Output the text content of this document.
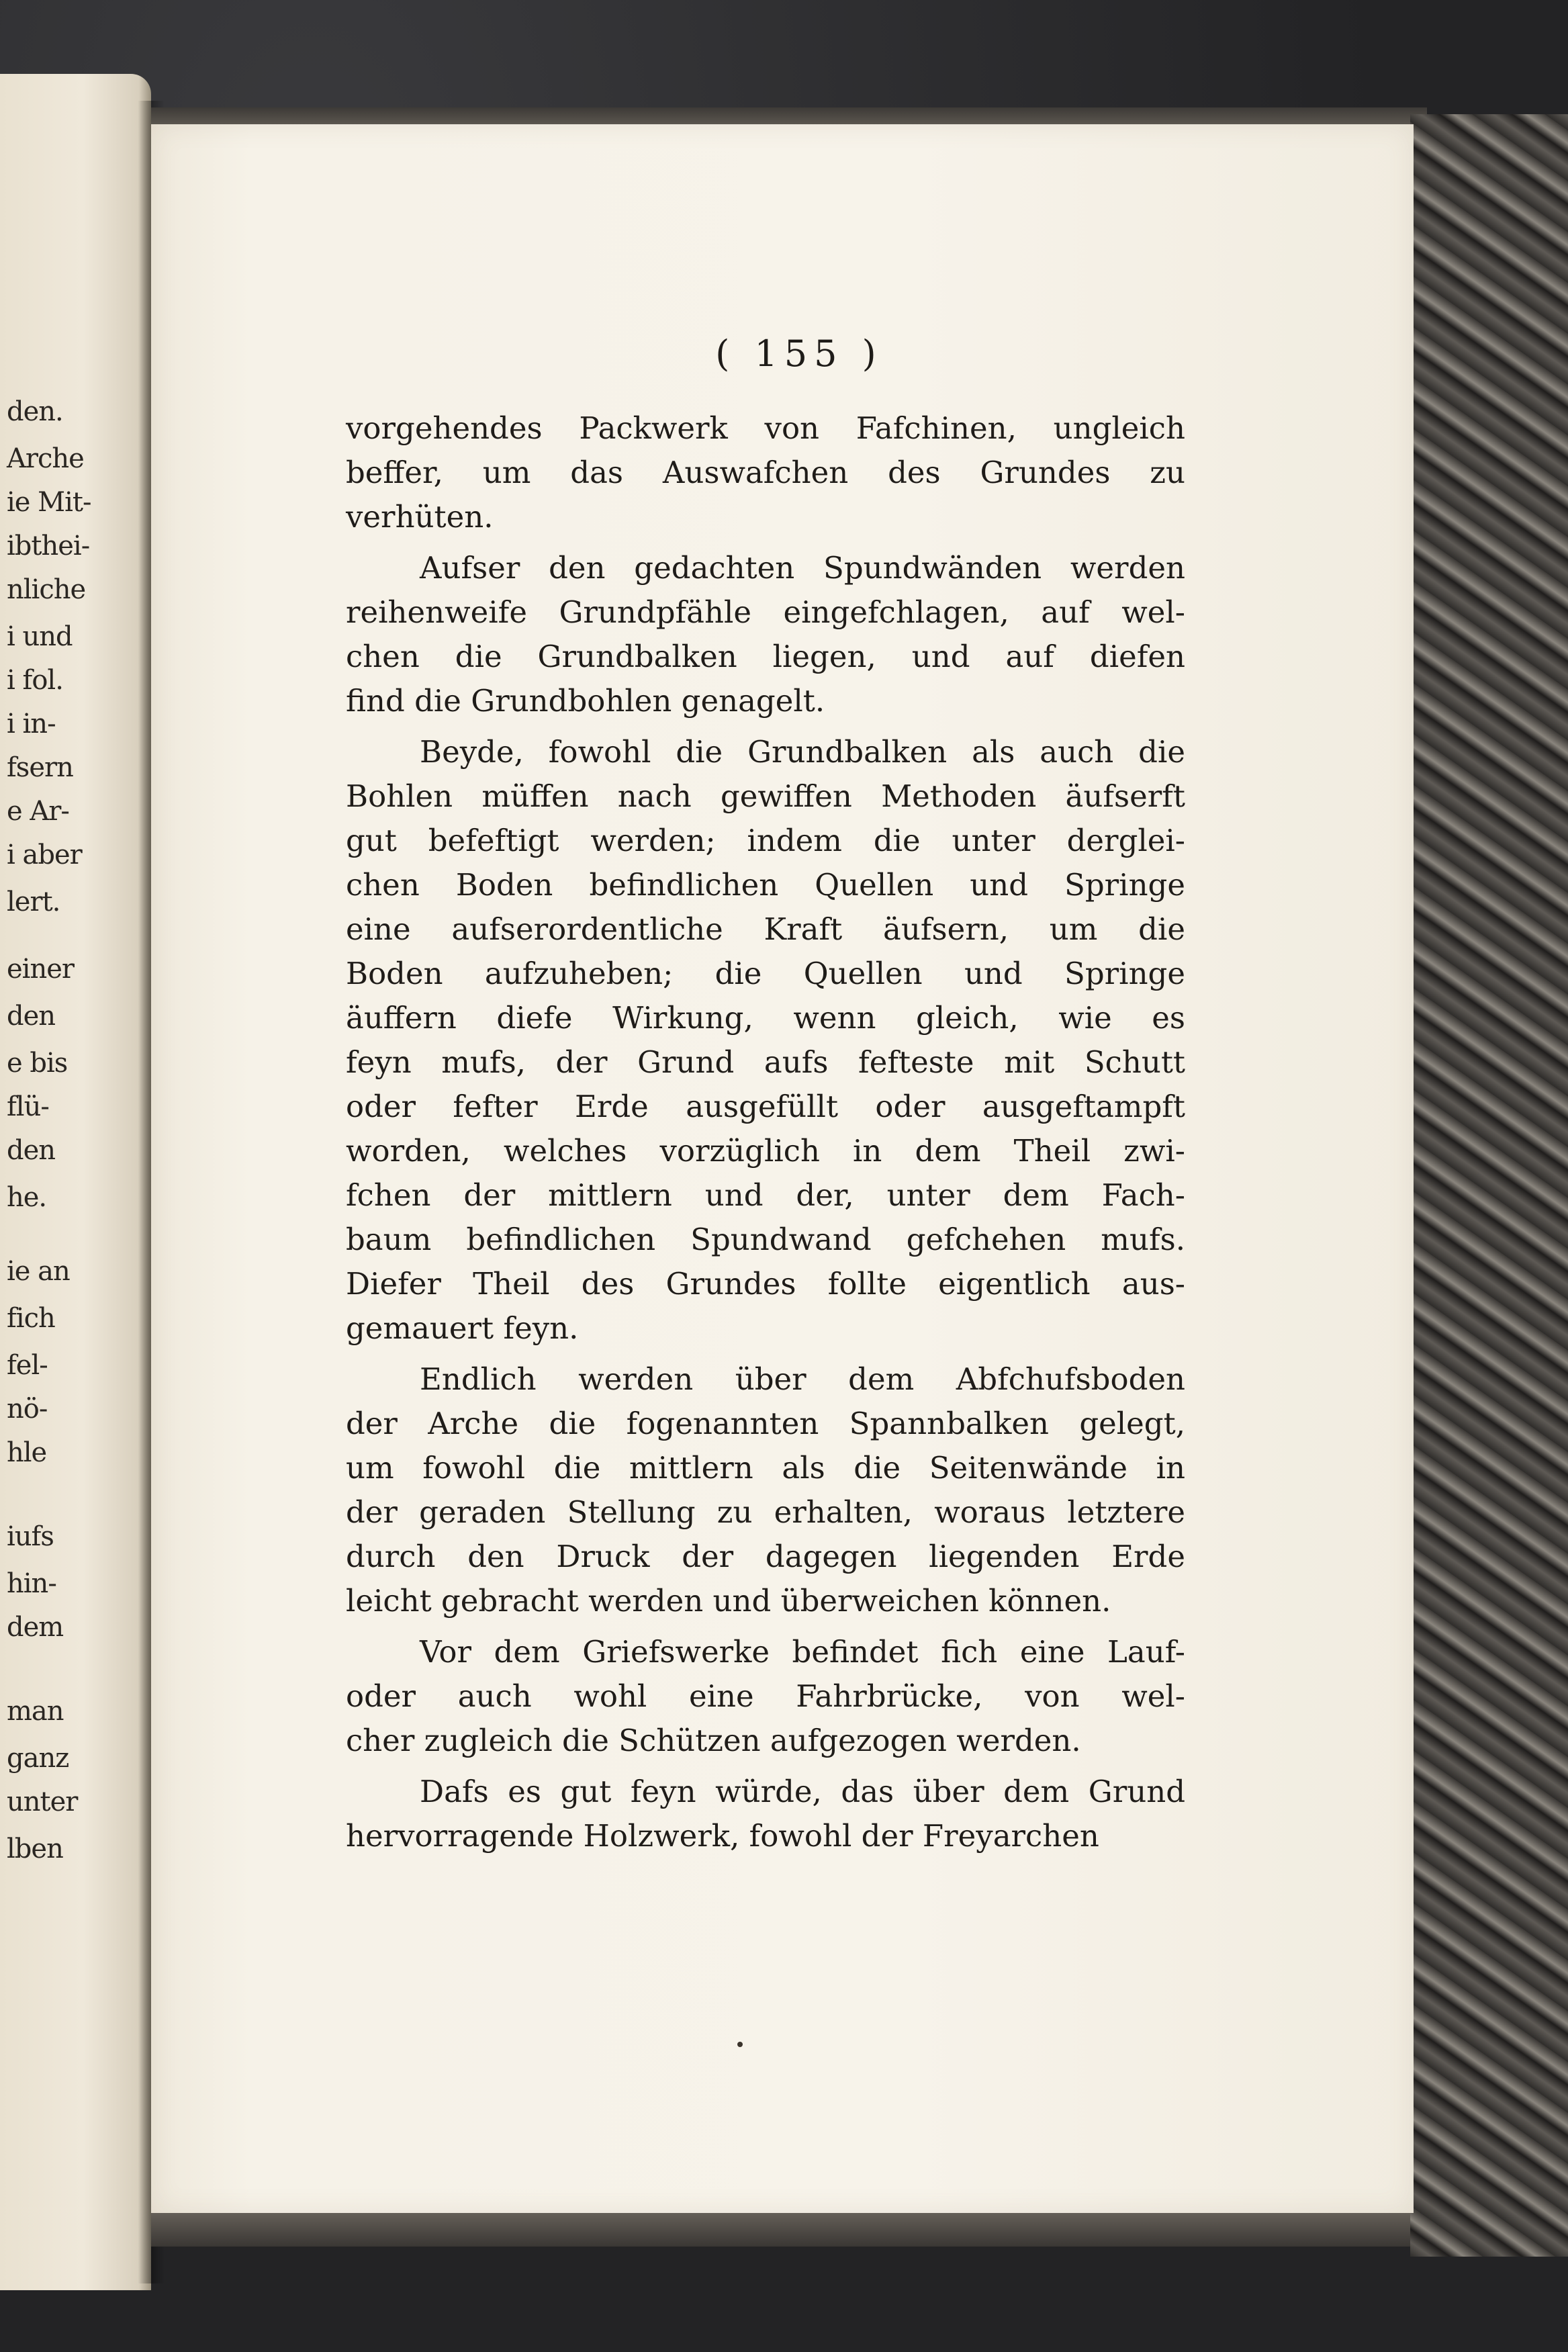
den.
Arche
ie Mit-
ibthei-
nliche
i und
i fol.
i in-
fsern
e Ar-
i aber
lert.
einer
den
e bis
flü-
den
he.
ie an
fich
fel-
nö-
hle
iufs
hin-
dem
man
ganz
unter
lben
( 155 )
vorgehendes Packwerk von Fafchinen, ungleich
beffer, um das Auswafchen des Grundes zu
verhüten.
Aufser den gedachten Spundwänden werden
reihenweife Grundpfähle eingefchlagen, auf wel-
chen die Grundbalken liegen, und auf diefen
find die Grundbohlen genagelt.
Beyde, fowohl die Grundbalken als auch die
Bohlen müffen nach gewiffen Methoden äufserft
gut befeftigt werden; indem die unter derglei-
chen Boden befindlichen Quellen und Springe
eine aufserordentliche Kraft äufsern, um die
Boden aufzuheben; die Quellen und Springe
äuffern diefe Wirkung, wenn gleich, wie es
feyn mufs, der Grund aufs fefteste mit Schutt
oder fefter Erde ausgefüllt oder ausgeftampft
worden, welches vorzüglich in dem Theil zwi-
fchen der mittlern und der, unter dem Fach-
baum befindlichen Spundwand gefchehen mufs.
Diefer Theil des Grundes follte eigentlich aus-
gemauert feyn.
Endlich werden über dem Abfchufsboden
der Arche die fogenannten Spannbalken gelegt,
um fowohl die mittlern als die Seitenwände in
der geraden Stellung zu erhalten, woraus letztere
durch den Druck der dagegen liegenden Erde
leicht gebracht werden und überweichen können.
Vor dem Griefswerke befindet fich eine Lauf-
oder auch wohl eine Fahrbrücke, von wel-
cher zugleich die Schützen aufgezogen werden.
Dafs es gut feyn würde, das über dem Grund
hervorragende Holzwerk, fowohl der Freyarchen
